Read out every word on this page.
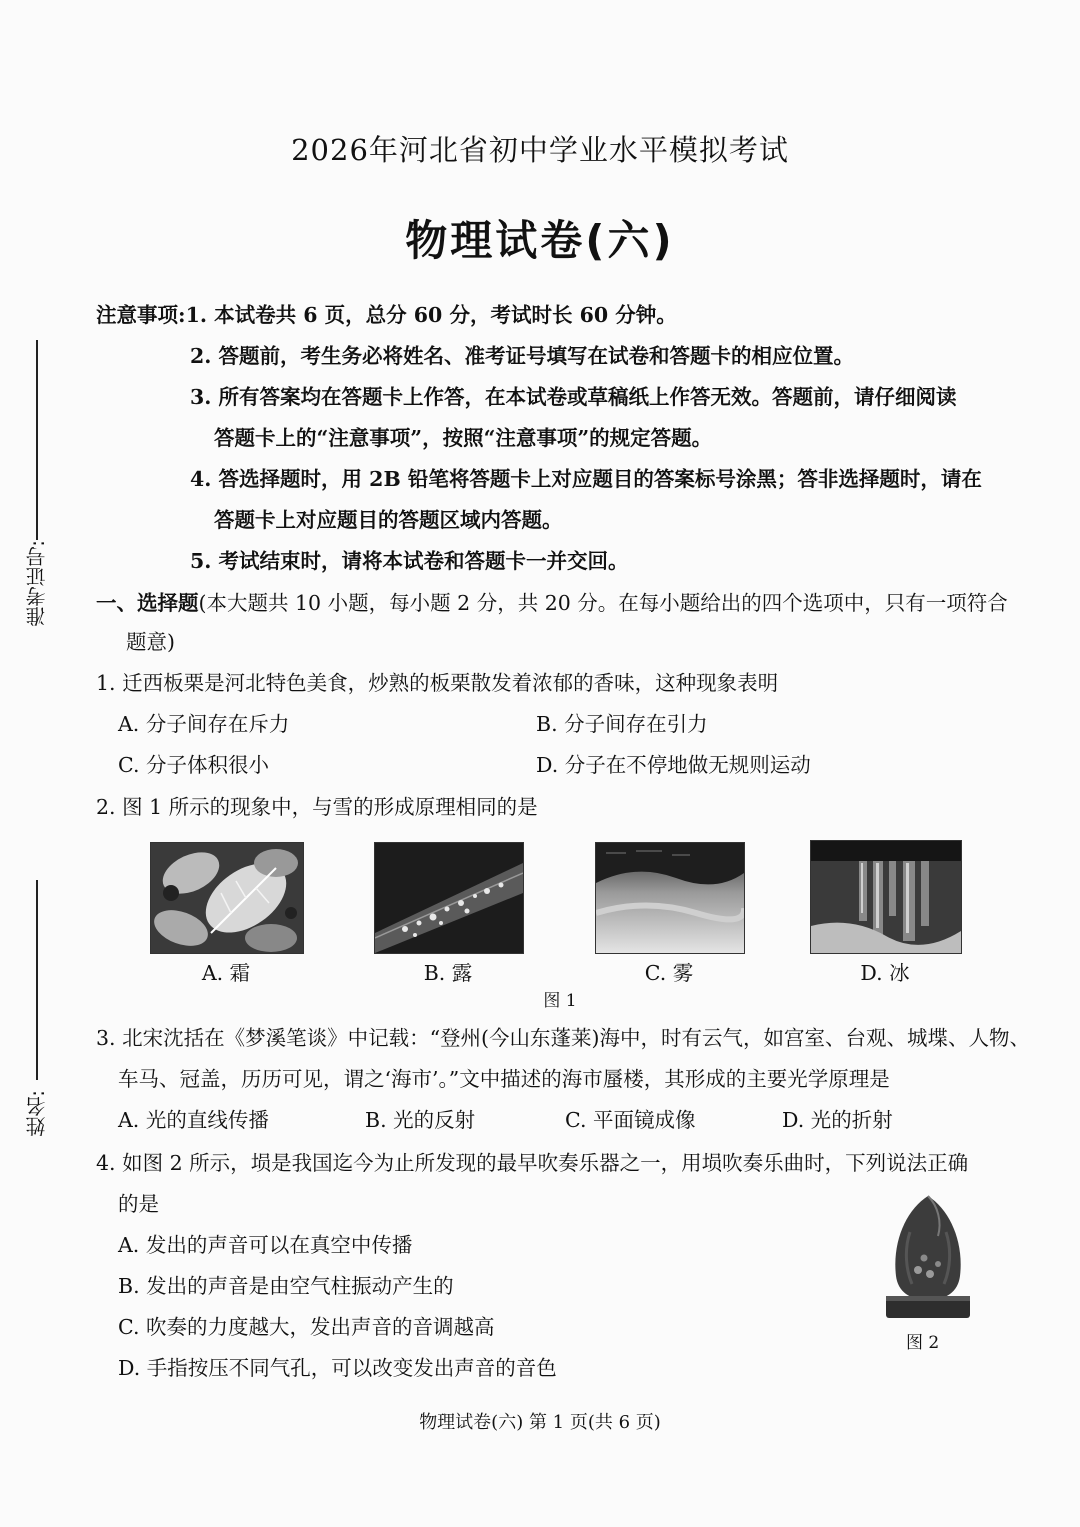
2026年河北省初中学业水平模拟考试
物理试卷(六)
准考证号:
姓名:
注意事项:1. 本试卷共 6 页，总分 60 分，考试时长 60 分钟。
2. 答题前，考生务必将姓名、准考证号填写在试卷和答题卡的相应位置。
3. 所有答案均在答题卡上作答，在本试卷或草稿纸上作答无效。答题前，请仔细阅读
答题卡上的“注意事项”，按照“注意事项”的规定答题。
4. 答选择题时，用 2B 铅笔将答题卡上对应题目的答案标号涂黑；答非选择题时，请在
答题卡上对应题目的答题区域内答题。
5. 考试结束时，请将本试卷和答题卡一并交回。
一、选择题(本大题共 10 小题，每小题 2 分，共 20 分。在每小题给出的四个选项中，只有一项符合
题意)
1. 迁西板栗是河北特色美食，炒熟的板栗散发着浓郁的香味，这种现象表明
A. 分子间存在斥力	B. 分子间存在引力
C. 分子体积很小	D. 分子在不停地做无规则运动
2. 图 1 所示的现象中，与雪的形成原理相同的是
A. 霜	B. 露	C. 雾	D. 冰
图 1
3. 北宋沈括在《梦溪笔谈》中记载：“登州(今山东蓬莱)海中，时有云气，如宫室、台观、城堞、人物、
车马、冠盖，历历可见，谓之‘海市’。”文中描述的海市蜃楼，其形成的主要光学原理是
A. 光的直线传播	B. 光的反射	C. 平面镜成像	D. 光的折射
4. 如图 2 所示，埙是我国迄今为止所发现的最早吹奏乐器之一，用埙吹奏乐曲时，下列说法正确
的是
A. 发出的声音可以在真空中传播
B. 发出的声音是由空气柱振动产生的
C. 吹奏的力度越大，发出声音的音调越高
D. 手指按压不同气孔，可以改变发出声音的音色
图 2
物理试卷(六) 第 1 页(共 6 页)
